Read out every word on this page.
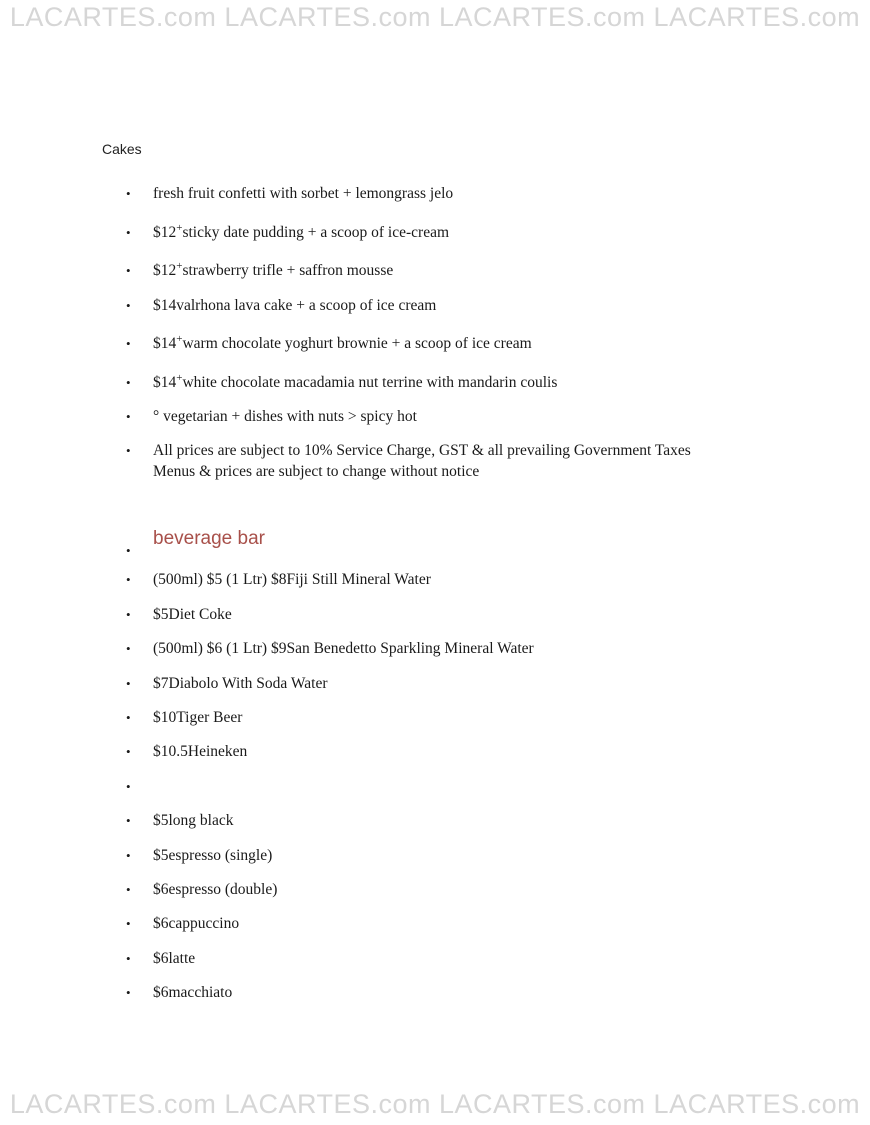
LACARTES.com LACARTES.com LACARTES.com LACARTES.com
Cakes
• fresh fruit confetti with sorbet + lemongrass jelo
• $12+sticky date pudding + a scoop of ice-cream
• $12+strawberry trifle + saffron mousse
• $14valrhona lava cake + a scoop of ice cream
• $14+warm chocolate yoghurt brownie + a scoop of ice cream
• $14+white chocolate macadamia nut terrine with mandarin coulis
• ° vegetarian + dishes with nuts > spicy hot
• All prices are subject to 10% Service Charge, GST & all prevailing Government Taxes
Menus & prices are subject to change without notice
•
beverage bar
• (500ml) $5 (1 Ltr) $8Fiji Still Mineral Water
• $5Diet Coke
• (500ml) $6 (1 Ltr) $9San Benedetto Sparkling Mineral Water
• $7Diabolo With Soda Water
• $10Tiger Beer
• $10.5Heineken
•
• $5long black
• $5espresso (single)
• $6espresso (double)
• $6cappuccino
• $6latte
• $6macchiato
LACARTES.com LACARTES.com LACARTES.com LACARTES.com
